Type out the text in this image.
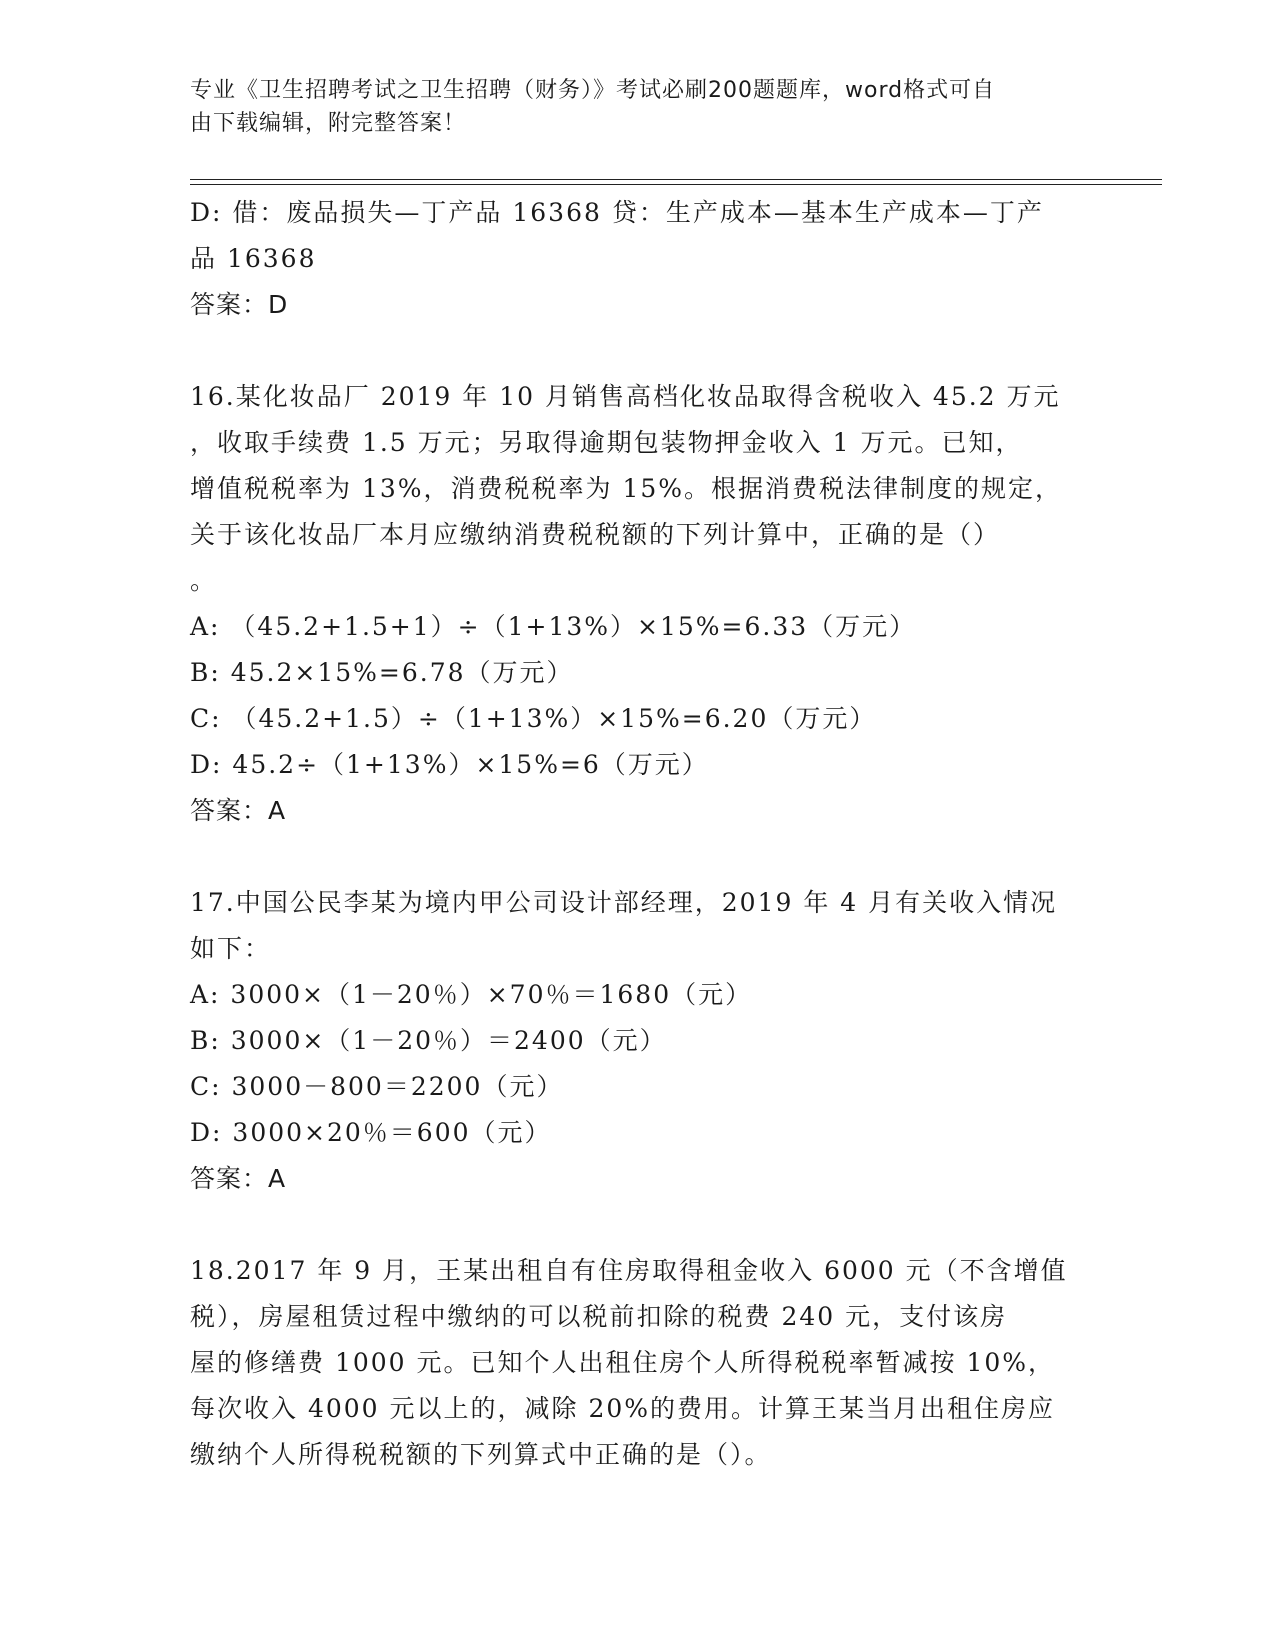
专业《卫生招聘考试之卫生招聘（财务）》考试必刷200题题库，word格式可自
由下载编辑，附完整答案！
D: 借：废品损失—丁产品 16368 贷：生产成本—基本生产成本—丁产
品 16368
答案：D
16.某化妆品厂 2019 年 10 月销售高档化妆品取得含税收入 45.2 万元
，收取手续费 1.5 万元；另取得逾期包装物押金收入 1 万元。已知，
增值税税率为 13%，消费税税率为 15%。根据消费税法律制度的规定，
关于该化妆品厂本月应缴纳消费税税额的下列计算中，正确的是（）
。
A: （45.2+1.5+1）÷（1+13%）×15%=6.33（万元）
B: 45.2×15%=6.78（万元）
C: （45.2+1.5）÷（1+13%）×15%=6.20（万元）
D: 45.2÷（1+13%）×15%=6（万元）
答案：A
17.中国公民李某为境内甲公司设计部经理，2019 年 4 月有关收入情况
如下：
A: 3000×（1－20％）×70％＝1680（元）
B: 3000×（1－20％）＝2400（元）
C: 3000－800＝2200（元）
D: 3000×20％＝600（元）
答案：A
18.2017 年 9 月，王某出租自有住房取得租金收入 6000 元（不含增值
税），房屋租赁过程中缴纳的可以税前扣除的税费 240 元，支付该房
屋的修缮费 1000 元。已知个人出租住房个人所得税税率暂减按 10%，
每次收入 4000 元以上的，减除 20%的费用。计算王某当月出租住房应
缴纳个人所得税税额的下列算式中正确的是（）。
